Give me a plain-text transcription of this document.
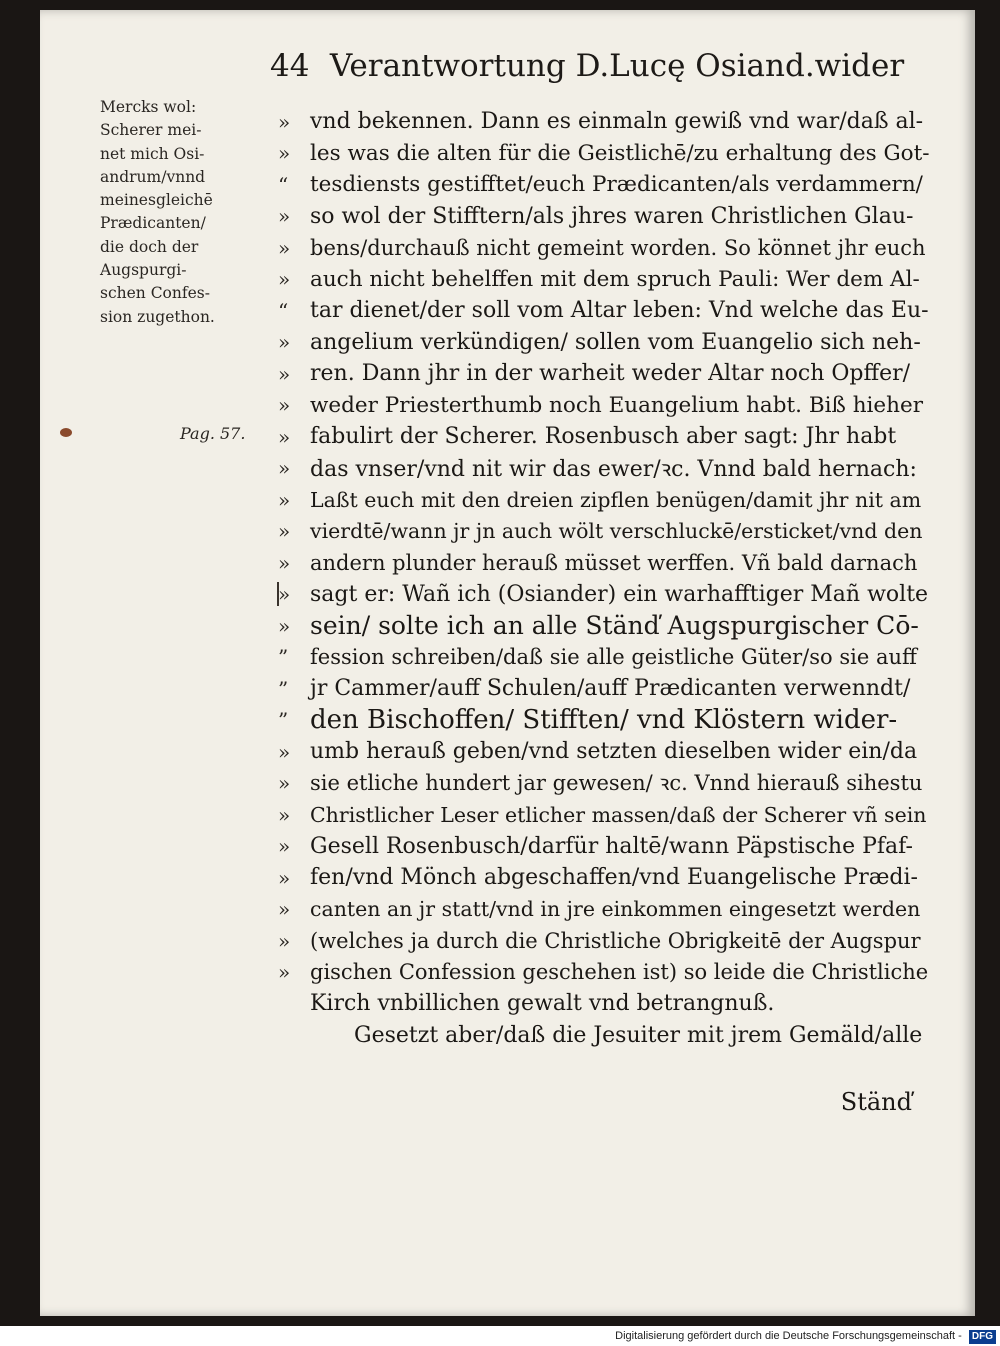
44 Verantwortung D.Lucę Osiand.wider
Mercks wol:
Scherer mei-
net mich Osi-
andrum/vnnd
meinesgleichē
Prædicanten/
die doch der
Augspurgi-
schen Confes-
sion zugethon.
Pag. 57.
» vnd bekennen. Dann es einmaln gewiß vnd war/daß al-
» les was die alten für die Geistlichē/zu erhaltung des Got-
“	tesdiensts gestifftet/euch Prædicanten/als verdammern/
» so wol der Stifftern/als jhres waren Christlichen Glau-
» bens/durchauß nicht gemeint worden. So könnet jhr euch
» auch nicht behelffen mit dem spruch Pauli: Wer dem Al-
“ tar dienet/der soll vom Altar leben: Vnd welche das Eu-
» angelium verkündigen/ sollen vom Euangelio sich neh-
» ren. Dann jhr in der warheit weder Altar noch Opffer/
» weder Priesterthumb noch Euangelium habt. Biß hieher
» fabulirt der Scherer. Rosenbusch aber sagt: Jhr habt
» das vnser/vnd nit wir das ewer/ꝛc. Vnnd bald hernach:
» Laßt euch mit den dreien zipflen benügen/damit jhr nit am
» vierdtē/wann jr jn auch wölt verschluckē/ersticket/vnd den
» andern plunder herauß müsset werffen. Vñ bald darnach
» sagt er: Wañ ich (Osiander) ein warhafftiger Mañ wolte
» sein/ solte ich an alle Stänď Augspurgischer Cō-
”	fession schreiben/daß sie alle geistliche Güter/so sie auff
” jr Cammer/auff Schulen/auff Prædicanten verwenndt/
” den Bischoffen/ Stifften/ vnd Klöstern wider-
» umb herauß geben/vnd setzten dieselben wider ein/da
» sie etliche hundert jar gewesen/ ꝛc. Vnnd hierauß sihestu
» Christlicher Leser etlicher massen/daß der Scherer vñ sein
» Gesell Rosenbusch/darfür haltē/wann Päpstische Pfaf-
» fen/vnd Mönch abgeschaffen/vnd Euangelische Prædi-
» canten an jr statt/vnd in jre einkommen eingesetzt werden
» (welches ja durch die Christliche Obrigkeitē der Augspur
» gischen Confession geschehen ist) so leide die Christliche
Kirch vnbillichen gewalt vnd betrangnuß.
Gesetzt aber/daß die Jesuiter mit jrem Gemäld/alle
Stänď
Digitalisierung gefördert durch die Deutsche Forschungsgemeinschaft - DFG
